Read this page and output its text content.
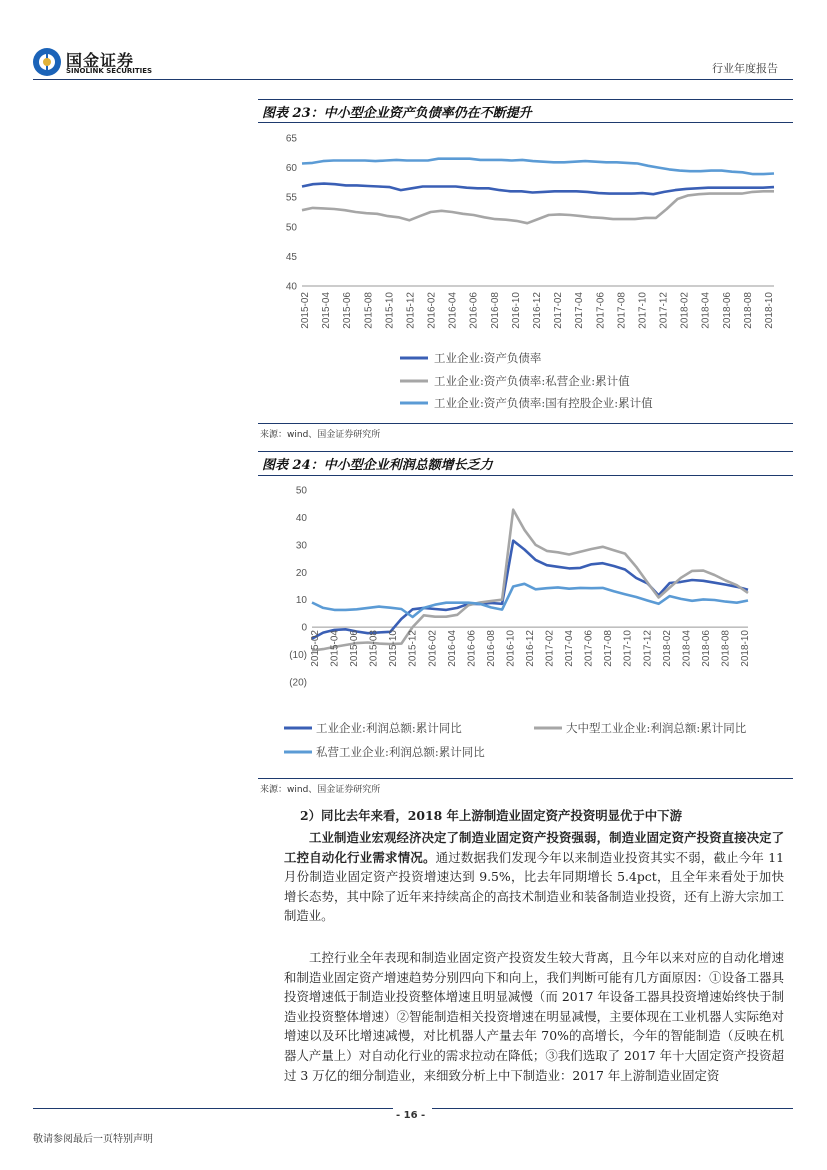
国金证券
SINOLINK SECURITIES	行业年度报告
图表 23：中小型企业资产负债率仍在不断提升
40
45
50
55
60
65
2015-02 2015-04 2015-06 2015-08 2015-10 2015-12 2016-02 2016-04 2016-06 2016-08 2016-10 2016-12 2017-02 2017-04 2017-06 2017-08 2017-10 2017-12 2018-02 2018-04 2018-06 2018-08 2018-10
工业企业:资产负债率
工业企业:资产负债率:私营企业:累计值
工业企业:资产负债率:国有控股企业:累计值
来源：wind、国金证券研究所
图表 24：中小型企业利润总额增长乏力
(20)
(10)
0
10
20
30
40
50
2015-02 2015-04 2015-06 2015-08 2015-10 2015-12 2016-02 2016-04 2016-06 2016-08 2016-10 2016-12 2017-02 2017-04 2017-06 2017-08 2017-10 2017-12 2018-02 2018-04 2018-06 2018-08 2018-10
工业企业:利润总额:累计同比	大中型工业企业:利润总额:累计同比
私营工业企业:利润总额:累计同比
来源：wind、国金证券研究所
2）同比去年来看，2018 年上游制造业固定资产投资明显优于中下游
工业制造业宏观经济决定了制造业固定资产投资强弱，制造业固定资产投资直接决定了工控自动化行业需求情况。通过数据我们发现今年以来制造业投资其实不弱，截止今年 11 月份制造业固定资产投资增速达到 9.5%，比去年同期增长 5.4pct，且全年来看处于加快增长态势，其中除了近年来持续高企的高技术制造业和装备制造业投资，还有上游大宗加工制造业。
工控行业全年表现和制造业固定资产投资发生较大背离，且今年以来对应的自动化增速和制造业固定资产增速趋势分别四向下和向上，我们判断可能有几方面原因：①设备工器具投资增速低于制造业投资整体增速且明显减慢（而 2017 年设备工器具投资增速始终快于制造业投资整体增速）②智能制造相关投资增速在明显减慢，主要体现在工业机器人实际绝对增速以及环比增速减慢，对比机器人产量去年 70%的高增长，今年的智能制造（反映在机器人产量上）对自动化行业的需求拉动在降低；③我们选取了 2017 年十大固定资产投资超过 3 万亿的细分制造业，来细致分析上中下制造业：2017 年上游制造业固定资
- 16 -
敬请参阅最后一页特别声明
